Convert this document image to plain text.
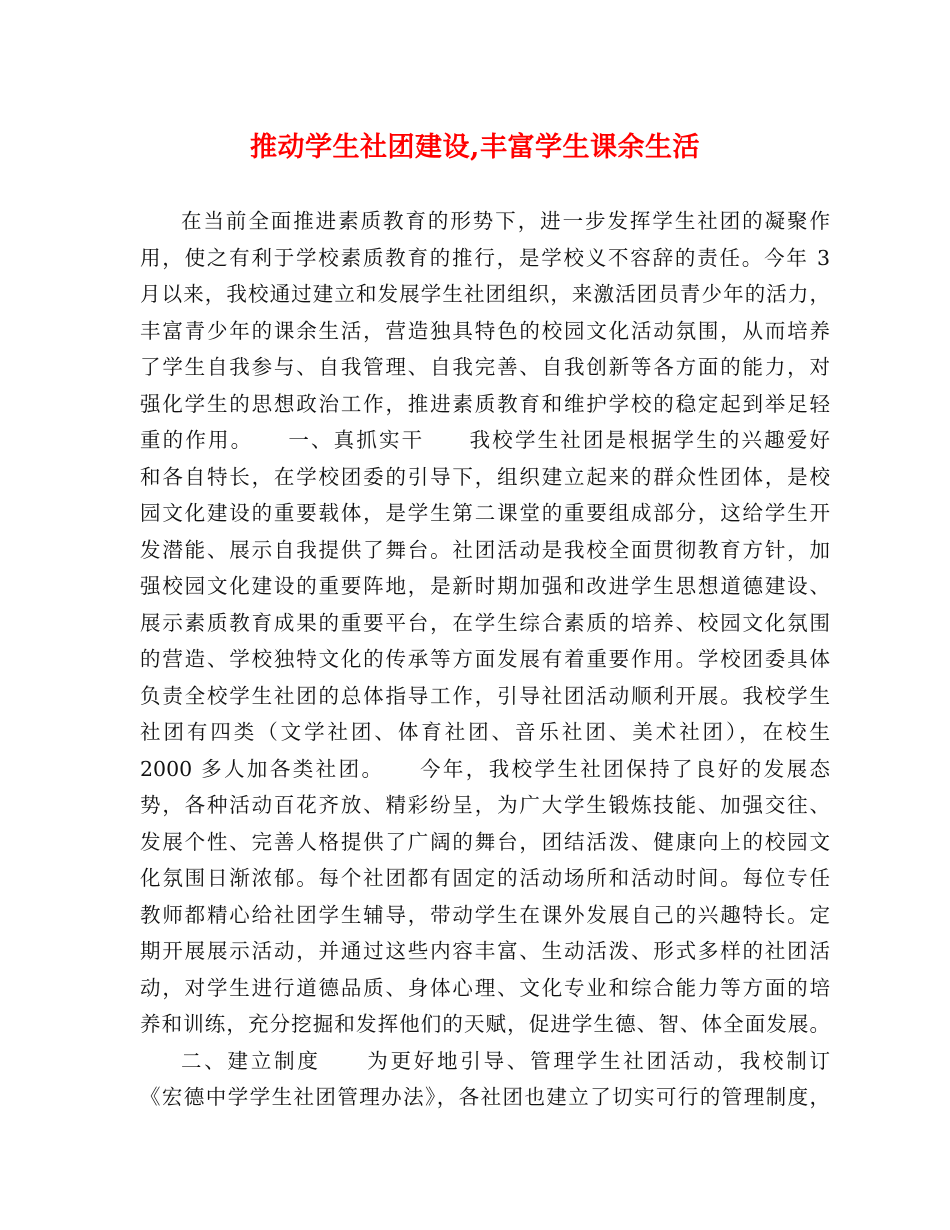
推动学生社团建设,丰富学生课余生活
在当前全面推进素质教育的形势下，进一步发挥学生社团的凝聚作
用，使之有利于学校素质教育的推行，是学校义不容辞的责任。今年 3
月以来，我校通过建立和发展学生社团组织，来激活团员青少年的活力，
丰富青少年的课余生活，营造独具特色的校园文化活动氛围，从而培养
了学生自我参与、自我管理、自我完善、自我创新等各方面的能力，对
强化学生的思想政治工作，推进素质教育和维护学校的稳定起到举足轻
重的作用。　　一、真抓实干　　我校学生社团是根据学生的兴趣爱好
和各自特长，在学校团委的引导下，组织建立起来的群众性团体，是校
园文化建设的重要载体，是学生第二课堂的重要组成部分，这给学生开
发潜能、展示自我提供了舞台。社团活动是我校全面贯彻教育方针，加
强校园文化建设的重要阵地，是新时期加强和改进学生思想道德建设、
展示素质教育成果的重要平台，在学生综合素质的培养、校园文化氛围
的营造、学校独特文化的传承等方面发展有着重要作用。学校团委具体
负责全校学生社团的总体指导工作，引导社团活动顺利开展。我校学生
社团有四类（文学社团、体育社团、音乐社团、美术社团），在校生
2000 多人加各类社团。　　今年，我校学生社团保持了良好的发展态
势，各种活动百花齐放、精彩纷呈，为广大学生锻炼技能、加强交往、
发展个性、完善人格提供了广阔的舞台，团结活泼、健康向上的校园文
化氛围日渐浓郁。每个社团都有固定的活动场所和活动时间。每位专任
教师都精心给社团学生辅导，带动学生在课外发展自己的兴趣特长。定
期开展展示活动，并通过这些内容丰富、生动活泼、形式多样的社团活
动，对学生进行道德品质、身体心理、文化专业和综合能力等方面的培
养和训练，充分挖掘和发挥他们的天赋，促进学生德、智、体全面发展。
二、建立制度　　为更好地引导、管理学生社团活动，我校制订
《宏德中学学生社团管理办法》，各社团也建立了切实可行的管理制度，
